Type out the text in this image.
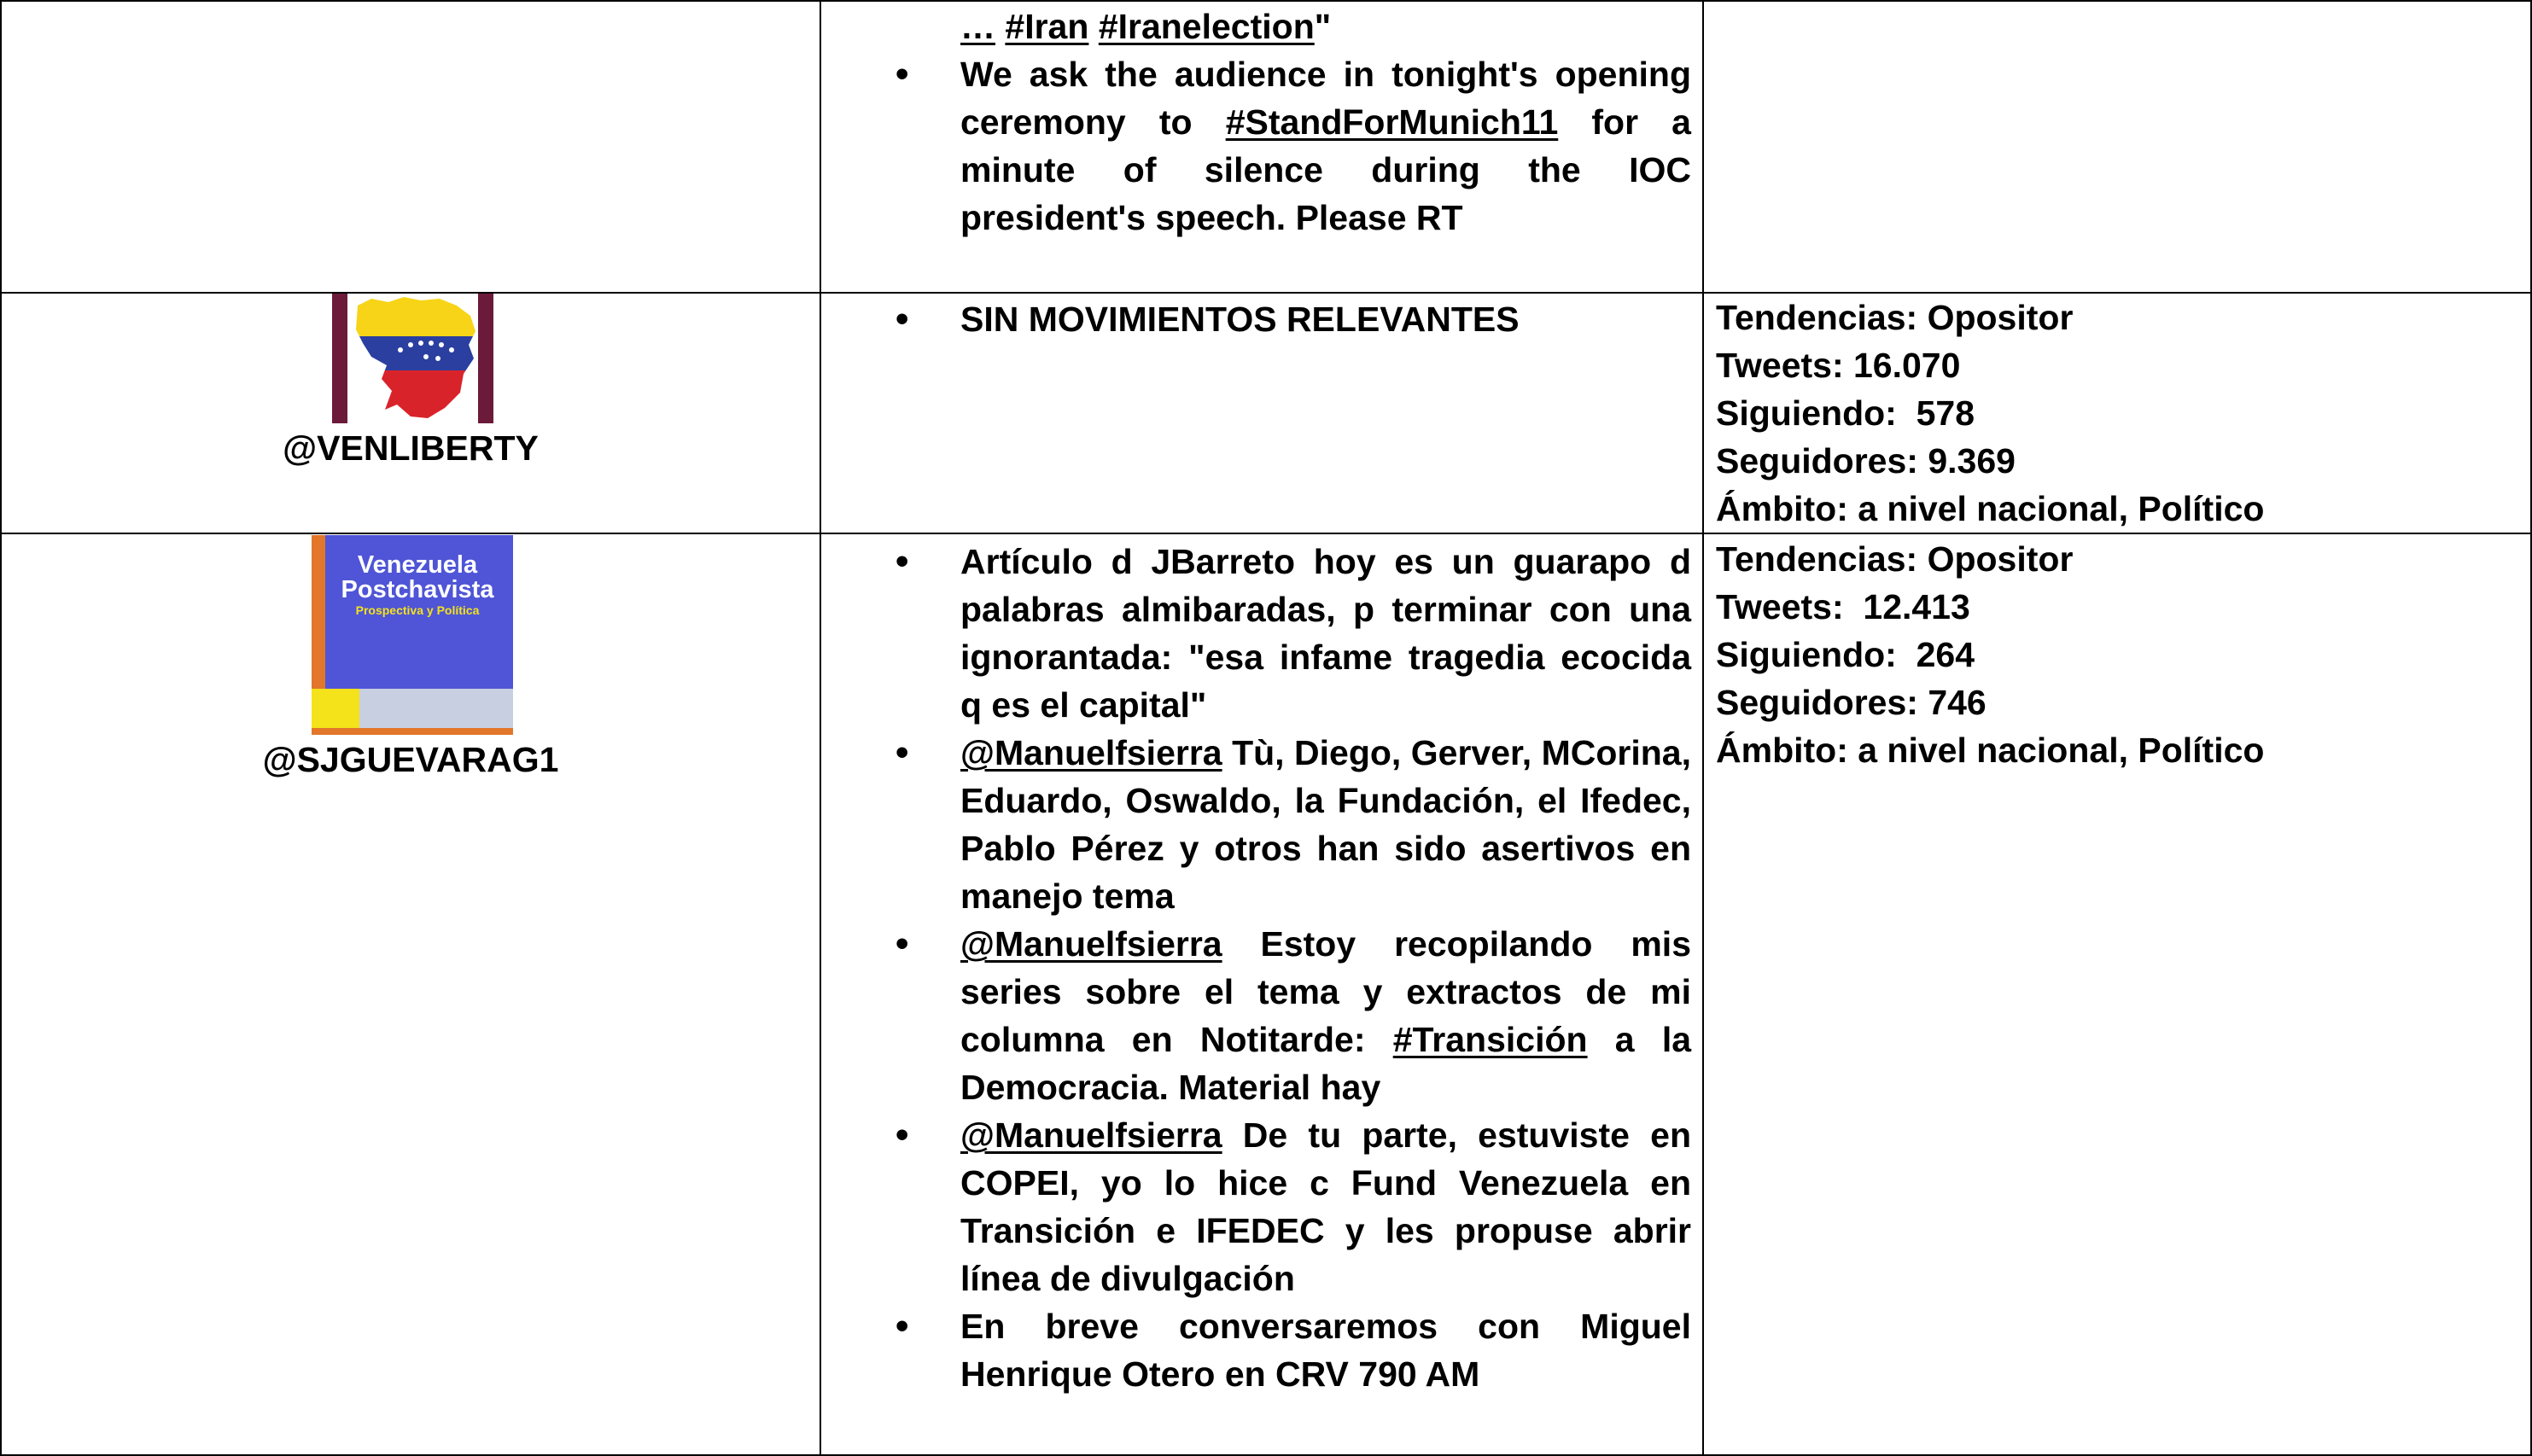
… #Iran #Iranelection"
• We ask the audience in tonight's opening ceremony to #StandForMunich11 for a minute of silence during the IOC president's speech. Please RT
@VENLIBERTY
• SIN MOVIMIENTOS RELEVANTES	Tendencias: Opositor
Tweets: 16.070
Siguiendo:  578
Seguidores: 9.369
Ámbito: a nivel nacional, Político
Venezuela
Postchavista
Prospectiva y Política
@SJGUEVARAG1
• Artículo d JBarreto hoy es un guarapo d palabras almibaradas, p terminar con una ignorantada: "esa infame tragedia ecocida q es el capital"
• @Manuelfsierra Tù, Diego, Gerver, MCorina, Eduardo, Oswaldo, la Fundación, el Ifedec, Pablo Pérez y otros han sido asertivos en manejo tema
• @Manuelfsierra Estoy recopilando mis series sobre el tema y extractos de mi columna en Notitarde: #Transición a la Democracia. Material hay
• @Manuelfsierra De tu parte, estuviste en COPEI, yo lo hice c Fund Venezuela en Transición e IFEDEC y les propuse abrir línea de divulgación
• En breve conversaremos con Miguel Henrique Otero en CRV 790 AM
Tendencias: Opositor
Tweets:  12.413
Siguiendo:  264
Seguidores: 746
Ámbito: a nivel nacional, Político
